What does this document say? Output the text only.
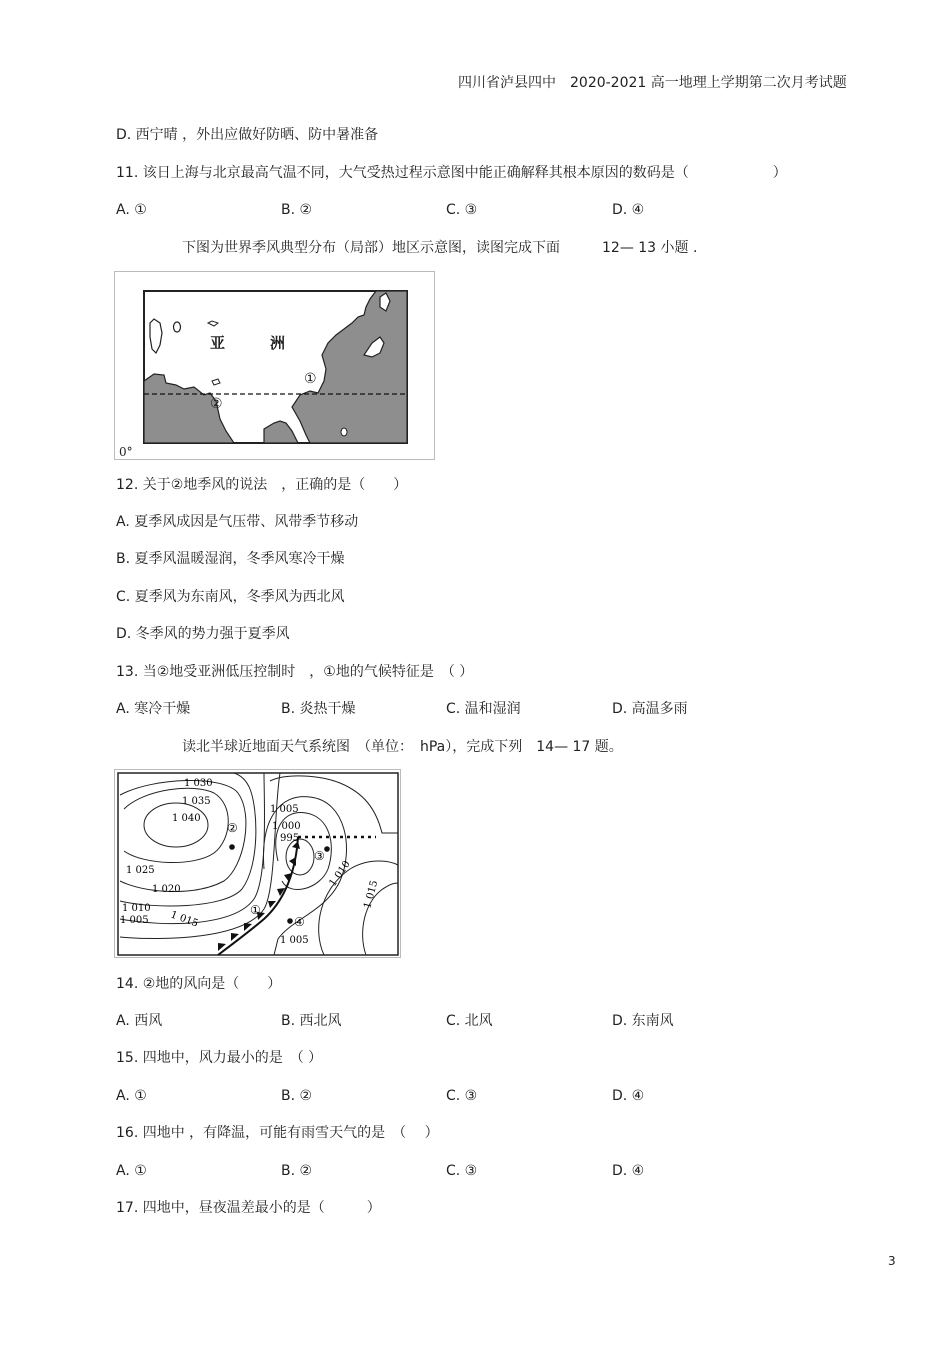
四川省泸县四中　2020-2021 高一地理上学期第二次月考试题
D. 西宁晴 ，外出应做好防晒、防中暑准备
11. 该日上海与北京最高气温不同，大气受热过程示意图中能正确解释其根本原因的数码是（　　　　　　）
A. ①	B. ②	C. ③	D. ④
下图为世界季风典型分布（局部）地区示意图，读图完成下面　　　12— 13 小题 .
亚	洲
①
②
0°
12. 关于②地季风的说法　，正确的是（　　）
A. 夏季风成因是气压带、风带季节移动
B. 夏季风温暖湿润，冬季风寒冷干燥
C. 夏季风为东南风，冬季风为西北风
D. 冬季风的势力强于夏季风
13. 当②地受亚洲低压控制时　，①地的气候特征是　（ ）
A. 寒冷干燥	B. 炎热干燥	C. 温和湿润	D. 高温多雨
读北半球近地面天气系统图　（单位：　hPa），完成下列　14— 17 题。
1 030
1 035
1 040
1 025
1 020
1 015
1 010
1 005
1 005
1 000
995
1 010
1 015
1 005
①
②
③
④
14. ②地的风向是（　　）
A. 西风	B. 西北风	C. 北风	D. 东南风
15. 四地中，风力最小的是　（ ）
A. ①	B. ②	C. ③	D. ④
16. 四地中 ，有降温，可能有雨雪天气的是　（　 ）
A. ①	B. ②	C. ③	D. ④
17. 四地中，昼夜温差最小的是（　　　）
3
